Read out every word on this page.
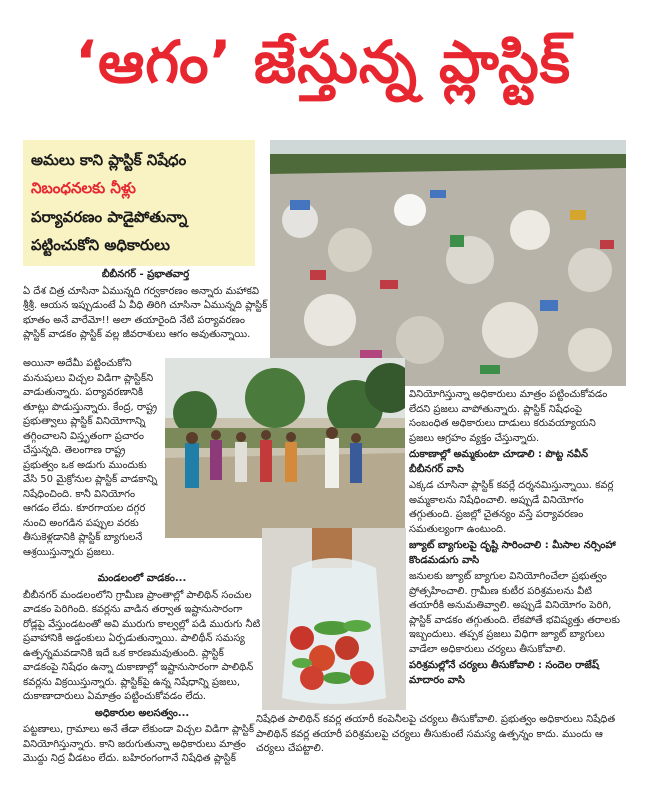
‘ఆగం’ జేస్తున్న ప్లాస్టిక్
అమలు కాని ప్లాస్టిక్ నిషేధం
నిబంధనలకు నీళ్లు
పర్యావరణం పాడైపోతున్నా
పట్టించుకోని అధికారులు
బీబీనగర్ - ప్రభాతవార్త

ఏ దేశ చిత్ర చూసినా ఏమున్నది గర్వకారణం అన్నారు మహాకవి శ్రీశ్రీ. ఆయన ఇప్పుడుంటే ఏ వీధి తిరిగి చూసినా ఏమున్నది ప్లాస్టిక్ భూతం అనే వారేమో!! అలా తయారైంది నేటి పర్యావరణం ప్లాస్టిక్ వాడకం ప్లాస్టిక్ వల్ల జీవరాశులు ఆగం అవుతున్నాయి.

అయినా అదేమీ పట్టించుకోని మనుషులు విచ్చల విడిగా ప్లాస్టిక్‌ని వాడుతున్నారు. పర్యావరణానికి తూట్లు పొడుస్తున్నారు. కేంద్ర, రాష్ట్ర ప్రభుత్వాలు ప్లాస్టిక్ వినియోగాన్ని తగ్గించాలని విస్తృతంగా ప్రచారం చేస్తున్నది. తెలంగాణ రాష్ట్ర ప్రభుత్వం ఒక అడుగు ముందుకు వేసి 50 మైక్రోనుల ప్లాస్టిక్ వాడకాన్ని నిషేధించింది. కానీ వినియోగం ఆగడం లేదు. కూరగాయల దగ్గర నుంచి అంగడిన పప్పుల వరకు తీసుకెళ్లడానికి ప్లాస్టిక్ బ్యాగులనే ఆశ్రయిస్తున్నారు ప్రజలు.

మండలంలో వాడకం...

బీబీనగర్ మండలంలోని గ్రామీణ ప్రాంతాల్లో పాలిథిన్ సంచుల వాడకం పెరిగింది. కవర్లను వాడిన తర్వాత ఇష్టానుసారంగా రోడ్లపై వేస్తుండటంతో అవి మురుగు కాల్వల్లో పడి మురుగు నీటి ప్రవాహానికి అడ్డంకులు ఏర్పడుతున్నాయి. పాలిథీన్ సమస్య ఉత్పన్నమవడానికి ఇదే ఒక కారణమవుతుంది. ప్లాస్టిక్ వాడకంపై నిషేధం ఉన్నా దుకాణాల్లో ఇష్టానుసారంగా పాలిథిన్ కవర్లను విక్రయిస్తున్నారు. ప్లాస్టిక్‌పై ఉన్న నిషేధాన్ని ప్రజలు, దుకాణాదారులు ఏమాత్రం పట్టించుకోవడం లేదు.

అధికారుల అలసత్వం...

పట్టణాలు, గ్రామాలు అనే తేడా లేకుండా విచ్చల విడిగా ప్లాస్టిక్ వినియోగిస్తున్నారు. కాని జరుగుతున్నా అధికారులు మాత్రం మొద్దు నిద్ర వీడటం లేదు. బహిరంగంగానే నిషేధిత ప్లాస్టిక్

వినియోగిస్తున్నా అధికారులు మాత్రం పట్టించుకోవడం లేదని ప్రజలు వాపోతున్నారు. ప్లాస్టిక్ నిషేధంపై సంబంధిత అధికారులు దాడులు కరువయ్యాయని ప్రజలు ఆగ్రహం వ్యక్తం చేస్తున్నారు.

దుకాణాల్లో అమ్మకుంటా చూడాలి : పొట్ట నవీన్ బీబీనగర్ వాసి

ఎక్కడ చూసినా ప్లాస్టిక్ కవర్లే దర్శనమిస్తున్నాయి. కవర్ల అమ్మకాలను నిషేధించాలి. అప్పుడే వినియోగం తగ్గుతుంది. ప్రజల్లో చైతన్యం వస్తే పర్యావరణం సమతుల్యంగా ఉంటుంది.

జ్యూట్ బ్యాగులపై దృష్టి సారించాలి : మీసాల నర్సింహా కొండమడుగు వాసి

జనులకు జ్యూట్ బ్యాగుల వినియోగించేలా ప్రభుత్వం ప్రోత్సహించాలి. గ్రామీణ కుటీర పరిశ్రమలను వీటి తయారీకి అనుమతివ్వాలి. అప్పుడే వినియోగం పెరిగి, ప్లాస్టిక్ వాడకం తగ్గుతుంది. లేకపోతే భవిష్యత్తు తరాలకు ఇబ్బందులు. తప్పక ప్రజలు విధిగా జ్యూట్ బ్యాగులు వాడేలా అధికారులు చర్యలు తీసుకోవాలి.

పరిశ్రమల్లోనే చర్యలు తీసుకోవాలి : సందెల రాజేష్ మాదారం వాసి

నిషేధిత పాలిథిన్ కవర్ల తయారీ కంపెనీలపై చర్యలు తీసుకోవాలి. ప్రభుత్వం అధికారులు నిషేధిత పాలిథిన్ కవర్ల తయారీ పరిశ్రమలపై చర్యలు తీసుకుంటే సమస్య ఉత్పన్నం కాదు. ముందు ఆ చర్యలు చేపట్టాలి.
